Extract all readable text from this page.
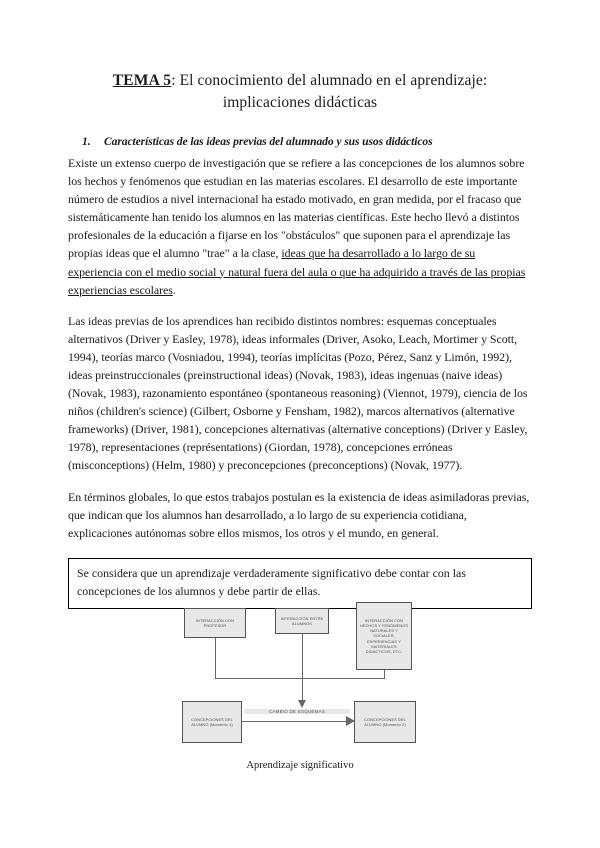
TEMA 5: El conocimiento del alumnado en el aprendizaje:
implicaciones didácticas
1.	Características de las ideas previas del alumnado y sus usos didácticos

Existe un extenso cuerpo de investigación que se refiere a las concepciones de los alumnos sobre los hechos y fenómenos que estudian en las materias escolares. El desarrollo de este importante número de estudios a nivel internacional ha estado motivado, en gran medida, por el fracaso que sistemáticamente han tenido los alumnos en las materias científicas. Este hecho llevó a distintos profesionales de la educación a fijarse en los "obstáculos" que suponen para el aprendizaje las propias ideas que el alumno "trae" a la clase, ideas que ha desarrollado a lo largo de su experiencia con el medio social y natural fuera del aula o que ha adquirido a través de las propias experiencias escolares.

Las ideas previas de los aprendices han recibido distintos nombres: esquemas conceptuales alternativos (Driver y Easley, 1978), ideas informales (Driver, Asoko, Leach, Mortimer y Scott, 1994), teorías marco (Vosniadou, 1994), teorías implícitas (Pozo, Pérez, Sanz y Limón, 1992), ideas preinstruccionales (preinstructional ideas) (Novak, 1983), ideas ingenuas (naive ideas) (Novak, 1983), razonamiento espontáneo (spontaneous reasoning) (Viennot, 1979), ciencia de los niños (children's science) (Gilbert, Osborne y Fensham, 1982), marcos alternativos (alternative frameworks) (Driver, 1981), concepciones alternativas (alternative conceptions) (Driver y Easley, 1978), representaciones (représentations) (Giordan, 1978), concepciones erróneas (misconceptions) (Helm, 1980) y preconcepciones (preconceptions) (Novak, 1977).

En términos globales, lo que estos trabajos postulan es la existencia de ideas asimiladoras previas, que indican que los alumnos han desarrollado, a lo largo de su experiencia cotidiana, explicaciones autónomas sobre ellos mismos, los otros y el mundo, en general.

Se considera que un aprendizaje verdaderamente significativo debe contar con las concepciones de los alumnos y debe partir de ellas.
INTERACCIÓN CON PROFESOR
INTERACCIÓN ENTRE ALUMNOS
INTERACCIÓN CON HECHOS Y FENÓMENOS NATURALES Y SOCIALES, EXPERIENCIAS Y MATERIALES DIDÁCTICOS, ETC.
CONCEPCIONES DEL ALUMNO (Momento 1)
CAMBIO DE ESQUEMAS
CONCEPCIONES DEL ALUMNO (Momento 2)
Aprendizaje significativo
